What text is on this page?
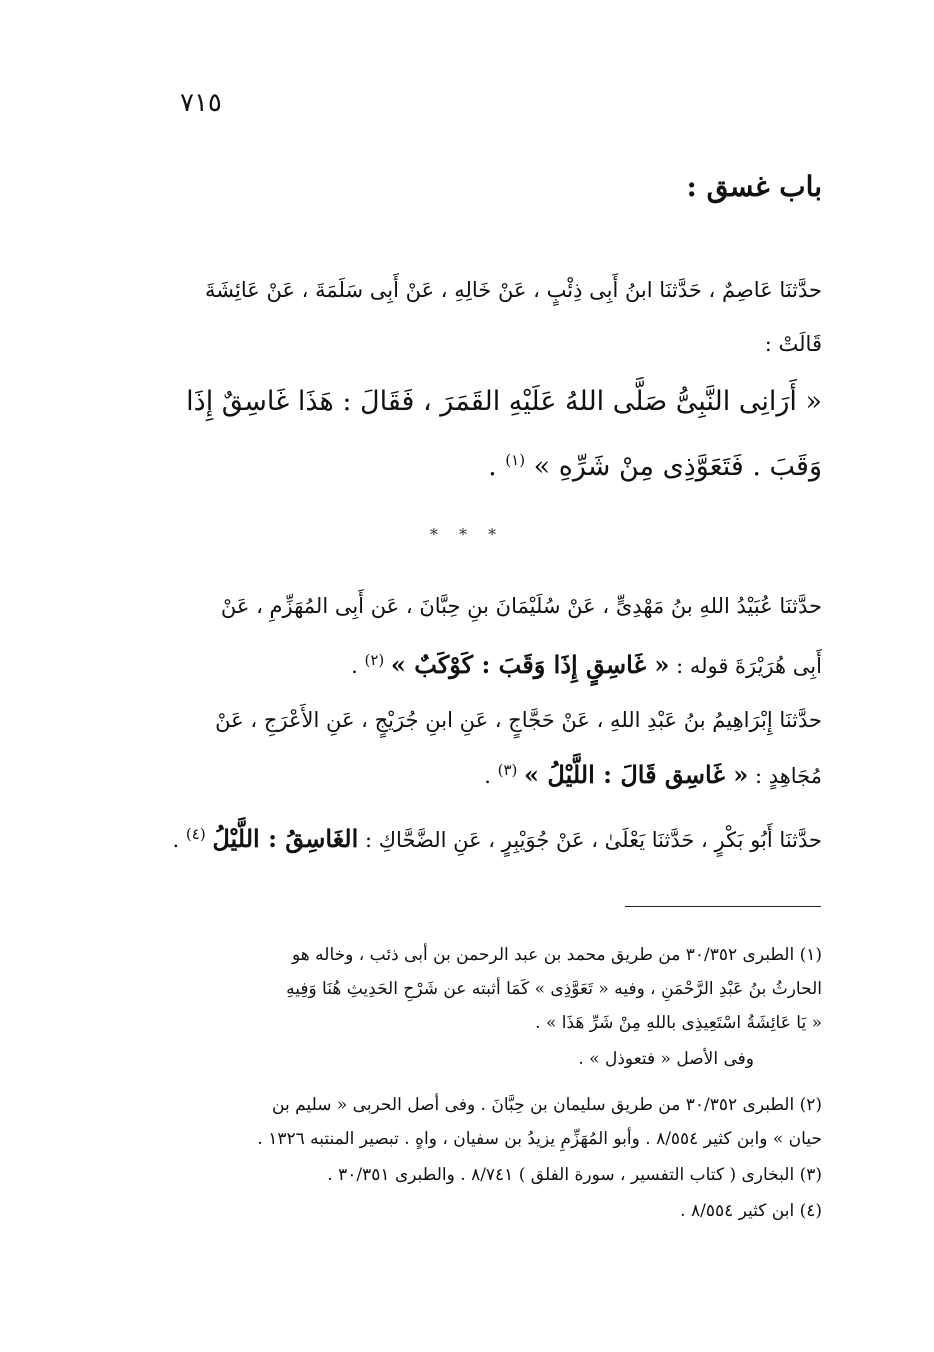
٧١٥
باب غسق :
حدَّثنَا عَاصِمٌ ، حَدَّثنَا ابنُ أَبِى ذِئْبٍ ، عَنْ خَالِهِ ، عَنْ أَبِى سَلَمَةَ ، عَنْ عَائِشَةَ
قَالَتْ :
« أَرَانِى النَّبِىُّ صَلَّى اللهُ عَلَيْهِ القَمَرَ ، فَقَالَ : هَذَا غَاسِقٌ إِذَا
وَقَبَ . فَتَعَوَّذِى مِنْ شَرِّهِ » $^{(١)}$ .
* * *
حدَّثنَا عُبَيْدُ اللهِ بنُ مَهْدِىٍّ ، عَنْ سُلَيْمَانَ بنِ حِبَّانَ ، عَن أَبِى المُهَزِّمِ ، عَنْ
أَبِى هُرَيْرَةَ قوله : « غَاسِقٍ إِذَا وَقَبَ : كَوْكَبٌ » $^{(٢)}$ .
حدَّثنَا إِبْرَاهِيمُ بنُ عَبْدِ اللهِ ، عَنْ حَجَّاجٍ ، عَنِ ابنِ جُرَيْجٍ ، عَنِ الأَعْرَجِ ، عَنْ
مُجَاهِدٍ : « غَاسِق قَالَ : اللَّيْلُ » $^{(٣)}$ .
حدَّثنَا أَبُو بَكْرٍ ، حَدَّثنَا يَعْلَىٰ ، عَنْ جُوَيْبِرٍ ، عَنِ الضَّحَّاكِ : الغَاسِقُ : اللَّيْلُ $^{(٤)}$ .
(١) الطبرى ٣٠/٣٥٢ من طريق محمد بن عبد الرحمن بن أبى ذئب ، وخاله هو
الحارثُ بنُ عَبْدِ الرَّحْمَنِ ، وفيه « تَعَوَّذِى » كَمَا أثبته عن شَرْحِ الحَدِيثِ هُنَا وَفِيهِ
« يَا عَائِشَةُ اسْتَعِيذِى باللهِ مِنْ شَرِّ هَذَا » .
وفى الأصل « فتعوذل » .
(٢) الطبرى ٣٠/٣٥٢ من طريق سليمان بن حِبَّانَ . وفى أصل الحربى « سليم بن
حيان » وابن كثير ٨/٥٥٤ . وأبو المُهَزِّمِ يزيدُ بن سفيان ، واهٍ . تبصير المنتبه ١٣٢٦ .
(٣) البخارى ( كتاب التفسير ، سورة الفلق ) ٨/٧٤١ . والطبرى ٣٠/٣٥١ .
(٤) ابن كثير ٨/٥٥٤ .
